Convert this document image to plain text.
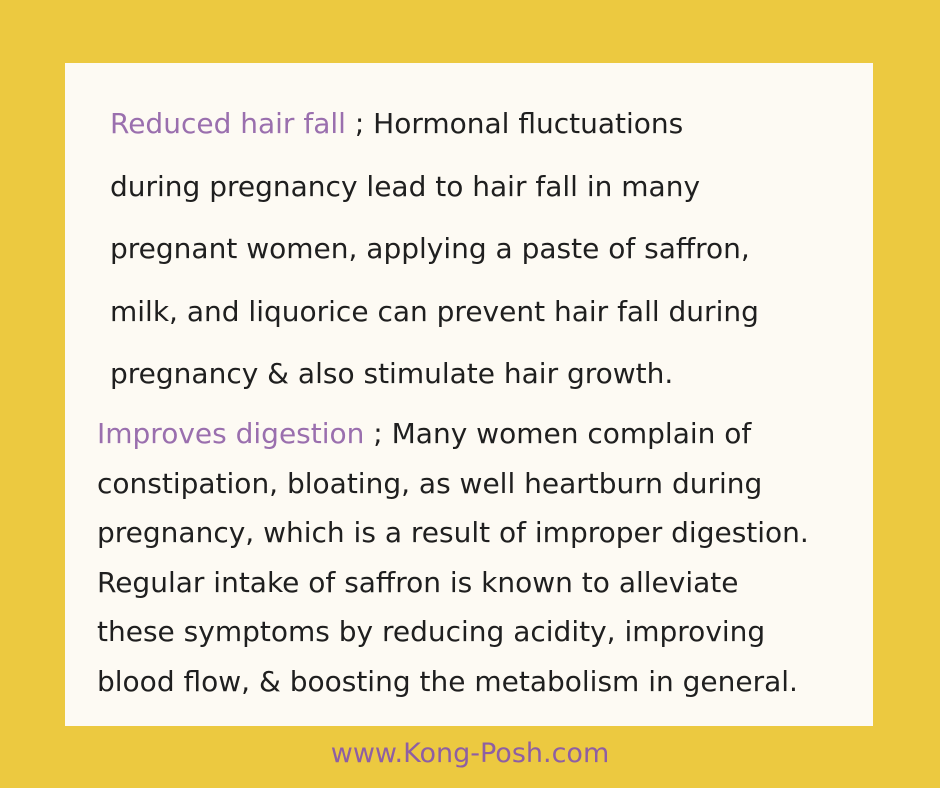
Reduced hair fall ; Hormonal fluctuations
during pregnancy lead to hair fall in many
pregnant women, applying a paste of saffron,
milk, and liquorice can prevent hair fall during
pregnancy & also stimulate hair growth.

Improves digestion ; Many women complain of
constipation, bloating, as well heartburn during
pregnancy, which is a result of improper digestion.
Regular intake of saffron is known to alleviate
these symptoms by reducing acidity, improving
blood flow, & boosting the metabolism in general.

www.Kong-Posh.com
